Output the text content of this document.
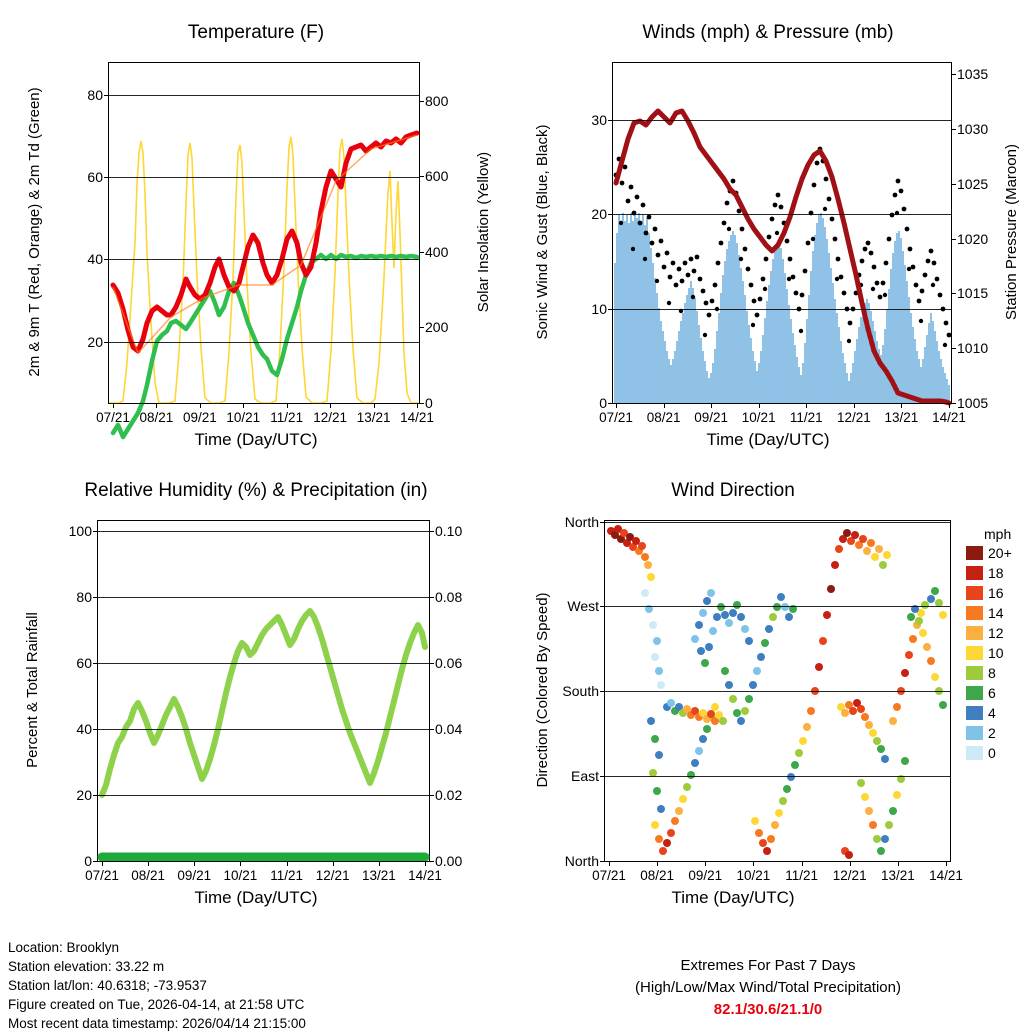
Temperature (F)
20
40
60
80
0
200
400
600
800
07/21 08/21 09/21 10/21 11/21 12/21 13/21 14/21
Time (Day/UTC)
2m & 9m T (Red, Orange) & 2m Td (Green)	Solar Insolation (Yellow)
Winds (mph) & Pressure (mb)
0
10
20
30
1005
1010
1015
1020
1025
1030
1035
07/21 08/21 09/21 10/21 11/21 12/21 13/21 14/21
Time (Day/UTC)
Sonic Wind & Gust (Blue, Black)	Station Pressure (Maroon)
Relative Humidity (%) & Precipitation (in)
0
20
40
60
80
100
0.00
0.02
0.04
0.06
0.08
0.10
07/21 08/21 09/21 10/21 11/21 12/21 13/21 14/21
Time (Day/UTC)
Percent & Total Rainfall
Wind Direction
North
East
South
West
North
07/21 08/21 09/21 10/21 11/21 12/21 13/21 14/21
Time (Day/UTC)
Direction (Colored By Speed)
mph
20+
18
16
14
12
10
8
6
4
2
0
Location: Brooklyn
Station elevation: 33.22 m
Station lat/lon: 40.6318; -73.9537
Figure created on Tue, 2026-04-14, at 21:58 UTC
Most recent data timestamp: 2026/04/14 21:15:00
Extremes For Past 7 Days
(High/Low/Max Wind/Total Precipitation)
82.1/30.6/21.1/0
